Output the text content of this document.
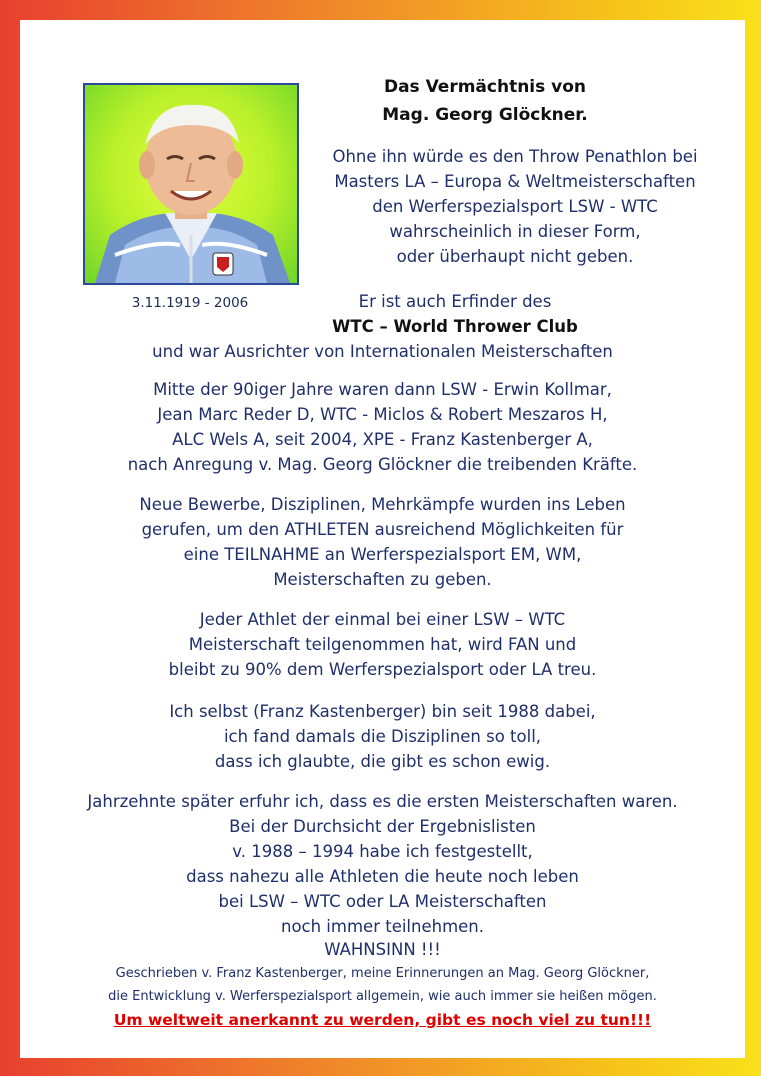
3.11.1919 - 2006
Das Vermächtnis von
Mag. Georg Glöckner.
Ohne ihn würde es den Throw Penathlon bei
Masters LA – Europa & Weltmeisterschaften
den Werferspezialsport LSW - WTC
wahrscheinlich in dieser Form,
oder überhaupt nicht geben.
Er ist auch Erfinder des
WTC – World Thrower Club
und war Ausrichter von Internationalen Meisterschaften
Mitte der 90iger Jahre waren dann LSW - Erwin Kollmar,
Jean Marc Reder D, WTC - Miclos & Robert Meszaros H,
ALC Wels A, seit 2004, XPE - Franz Kastenberger A,
nach Anregung v. Mag. Georg Glöckner die treibenden Kräfte.
Neue Bewerbe, Disziplinen, Mehrkämpfe wurden ins Leben
gerufen, um den ATHLETEN ausreichend Möglichkeiten für
eine TEILNAHME an Werferspezialsport EM, WM,
Meisterschaften zu geben.
Jeder Athlet der einmal bei einer LSW – WTC
Meisterschaft teilgenommen hat, wird FAN und
bleibt zu 90% dem Werferspezialsport oder LA treu.
Ich selbst (Franz Kastenberger) bin seit 1988 dabei,
ich fand damals die Disziplinen so toll,
dass ich glaubte, die gibt es schon ewig.
Jahrzehnte später erfuhr ich, dass es die ersten Meisterschaften waren.
Bei der Durchsicht der Ergebnislisten
v. 1988 – 1994 habe ich festgestellt,
dass nahezu alle Athleten die heute noch leben
bei LSW – WTC oder LA Meisterschaften
noch immer teilnehmen.
WAHNSINN !!!
Geschrieben v. Franz Kastenberger, meine Erinnerungen an Mag. Georg Glöckner,
die Entwicklung v. Werferspezialsport allgemein, wie auch immer sie heißen mögen.
Um weltweit anerkannt zu werden, gibt es noch viel zu tun!!!
